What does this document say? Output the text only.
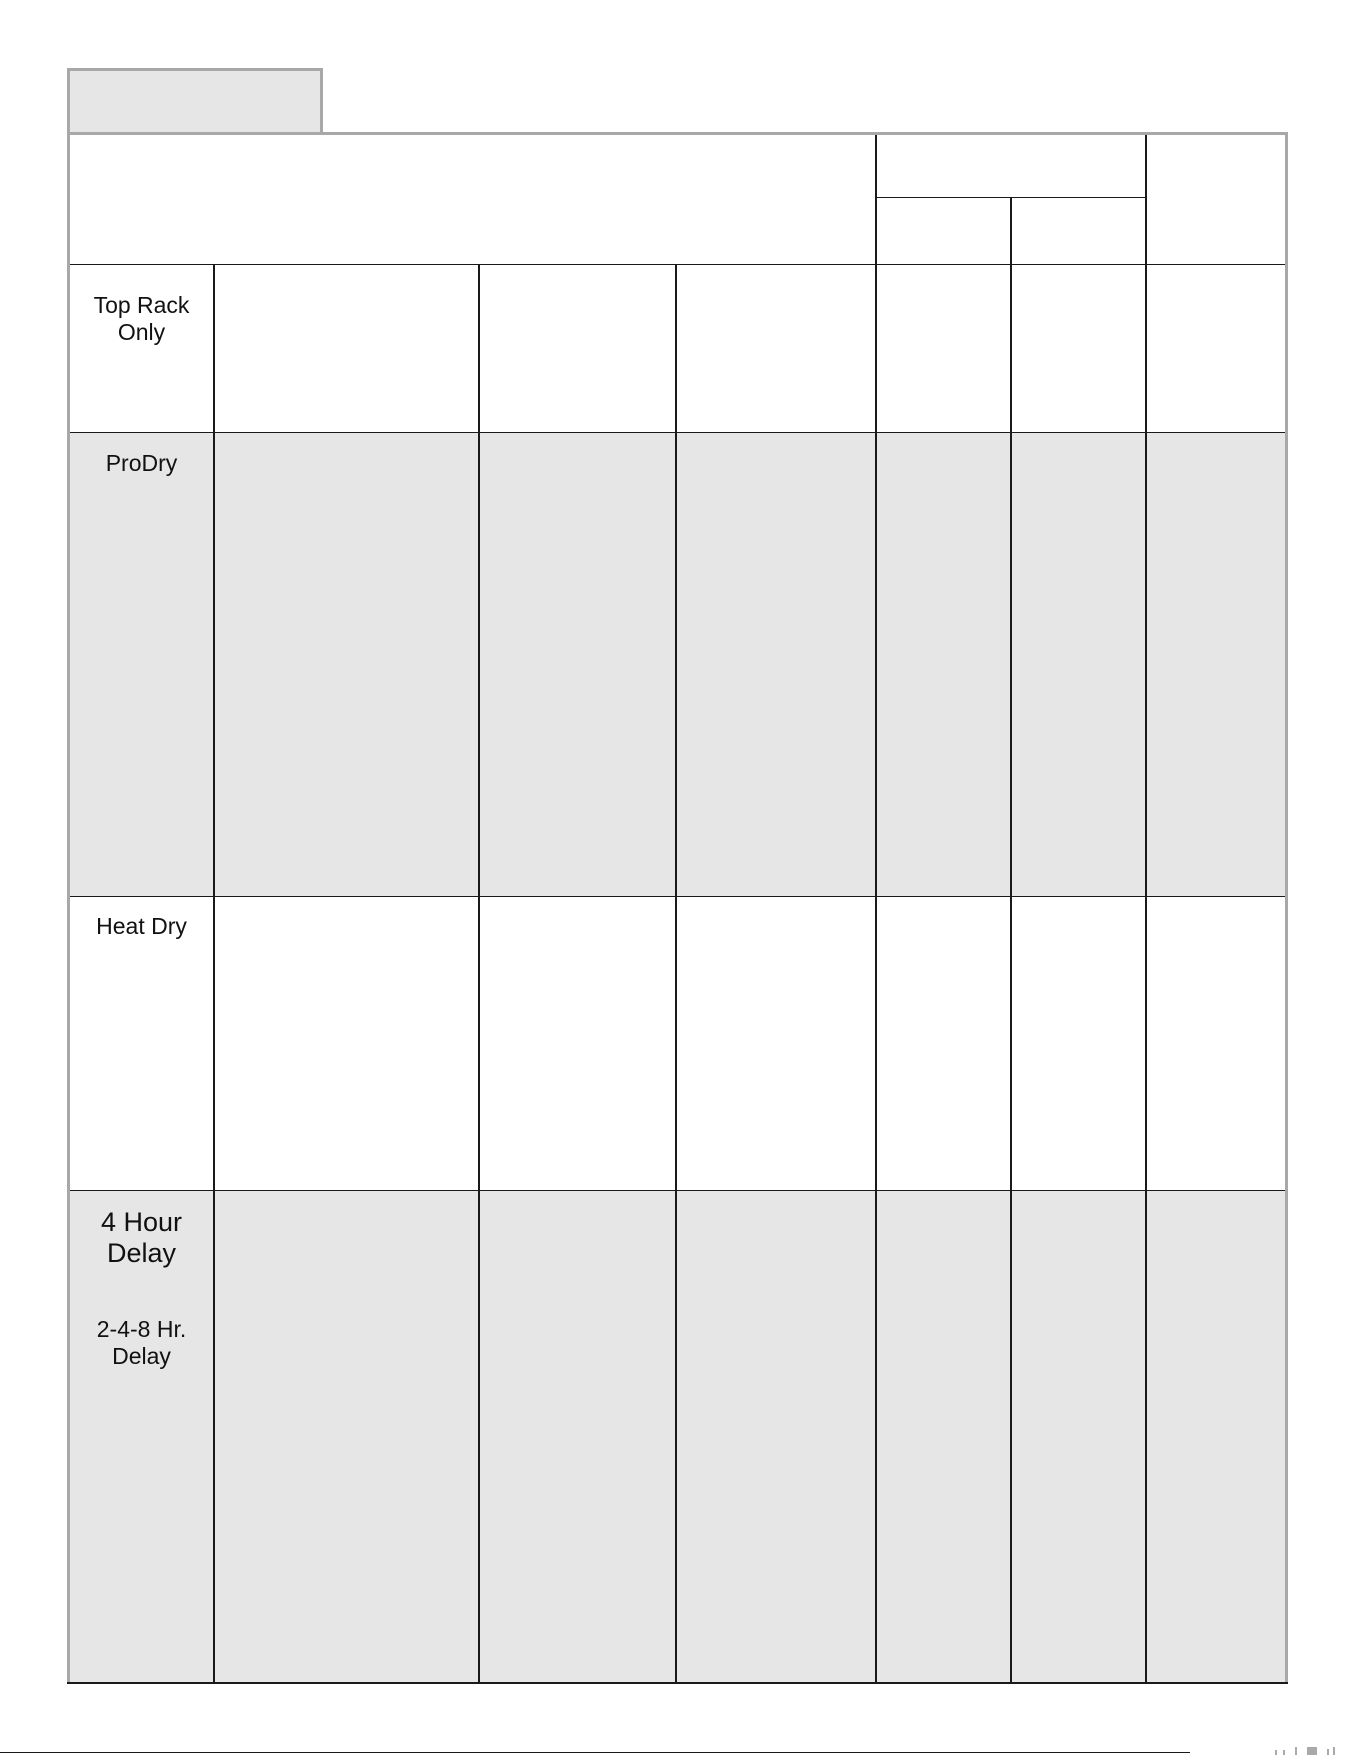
Top Rack
Only
ProDry
Heat Dry
4 Hour
Delay
2-4-8 Hr.
Delay
